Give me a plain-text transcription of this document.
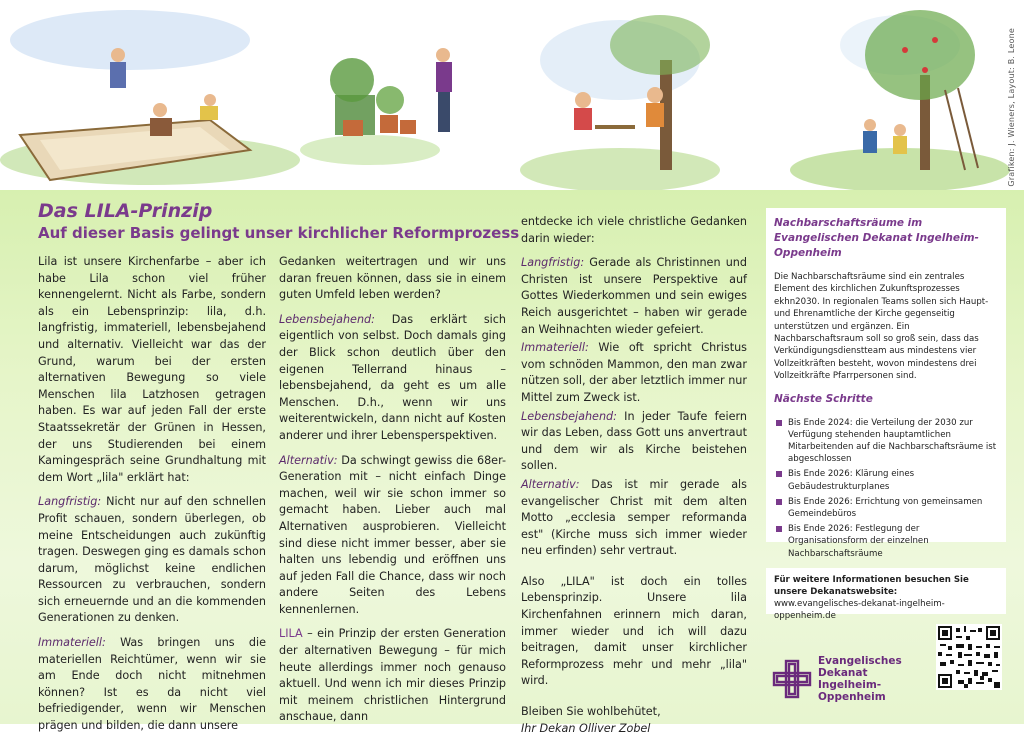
Grafiken: J. Wieners, Layout: B. Leone
Das LILA-Prinzip
Auf dieser Basis gelingt unser kirchlicher Reformprozess

Lila ist unsere Kirchenfarbe – aber ich habe Lila schon viel früher kennengelernt. Nicht als Farbe, sondern als ein Lebensprinzip: lila, d.h. langfristig, immateriell, lebensbejahend und alternativ. Vielleicht war das der Grund, warum bei der ersten alternativen Bewegung so viele Menschen lila Latzhosen getragen haben. Es war auf jeden Fall der erste Staatssekretär der Grünen in Hessen, der uns Studierenden bei einem Kamingespräch seine Grundhaltung mit dem Wort „lila" erklärt hat:

Langfristig: Nicht nur auf den schnellen Profit schauen, sondern überlegen, ob meine Entscheidungen auch zukünftig tragen. Deswegen ging es damals schon darum, möglichst keine endlichen Ressourcen zu verbrauchen, sondern sich erneuernde und an die kommenden Generationen zu denken.

Immateriell: Was bringen uns die materiellen Reichtümer, wenn wir sie am Ende doch nicht mitnehmen können? Ist es da nicht viel befriedigender, wenn wir Menschen prägen und bilden, die dann unsere

Gedanken weitertragen und wir uns daran freuen können, dass sie in einem guten Umfeld leben werden?

Lebensbejahend: Das erklärt sich eigentlich von selbst. Doch damals ging der Blick schon deutlich über den eigenen Tellerrand hinaus – lebensbejahend, da geht es um alle Menschen. D.h., wenn wir uns weiterentwickeln, dann nicht auf Kosten anderer und ihrer Lebensperspektiven.

Alternativ: Da schwingt gewiss die 68er-Generation mit – nicht einfach Dinge machen, weil wir sie schon immer so gemacht haben. Lieber auch mal Alternativen ausprobieren. Vielleicht sind diese nicht immer besser, aber sie halten uns lebendig und eröffnen uns auf jeden Fall die Chance, dass wir noch andere Seiten des Lebens kennenlernen.

LILA – ein Prinzip der ersten Generation der alternativen Bewegung – für mich heute allerdings immer noch genauso aktuell. Und wenn ich mir dieses Prinzip mit meinem christlichen Hintergrund anschaue, dann

entdecke ich viele christliche Gedanken darin wieder:

Langfristig: Gerade als Christinnen und Christen ist unsere Perspektive auf Gottes Wiederkommen und sein ewiges Reich ausgerichtet – haben wir gerade an Weihnachten wieder gefeiert.

Immateriell: Wie oft spricht Christus vom schnöden Mammon, den man zwar nützen soll, der aber letztlich immer nur Mittel zum Zweck ist.

Lebensbejahend: In jeder Taufe feiern wir das Leben, dass Gott uns anvertraut und dem wir als Kirche beistehen sollen.

Alternativ: Das ist mir gerade als evangelischer Christ mit dem alten Motto „ecclesia semper reformanda est" (Kirche muss sich immer wieder neu erfinden) sehr vertraut.

Also „LILA" ist doch ein tolles Lebensprinzip. Unsere lila Kirchenfahnen erinnern mich daran, immer wieder und ich will dazu beitragen, damit unser kirchlicher Reformprozess mehr und mehr „lila" wird.

Bleiben Sie wohlbehütet,

Ihr Dekan Olliver Zobel

Nachbarschaftsräume im Evangelischen Dekanat Ingelheim-Oppenheim
Die Nachbarschaftsräume sind ein zentrales Element des kirchlichen Zukunftsprozesses ekhn2030. In regionalen Teams sollen sich Haupt- und Ehrenamtliche der Kirche gegenseitig unterstützen und ergänzen. Ein Nachbarschaftsraum soll so groß sein, dass das Verkündigungsdienstteam aus mindestens vier Vollzeitkräften besteht, wovon mindestens drei Vollzeitkräfte Pfarrpersonen sind.
Nächste Schritte
Bis Ende 2024: die Verteilung der 2030 zur Verfügung stehenden hauptamtlichen Mitarbeitenden auf die Nachbarschaftsräume ist abgeschlossen
Bis Ende 2026: Klärung eines Gebäudestrukturplanes
Bis Ende 2026: Errichtung von gemeinsamen Gemeindebüros
Bis Ende 2026: Festlegung der Organisationsform der einzelnen Nachbarschaftsräume
Für weitere Informationen besuchen Sie unsere Dekanatswebsite:
www.evangelisches-dekanat-ingelheim-oppenheim.de
Evangelisches Dekanat
Ingelheim-Oppenheim
